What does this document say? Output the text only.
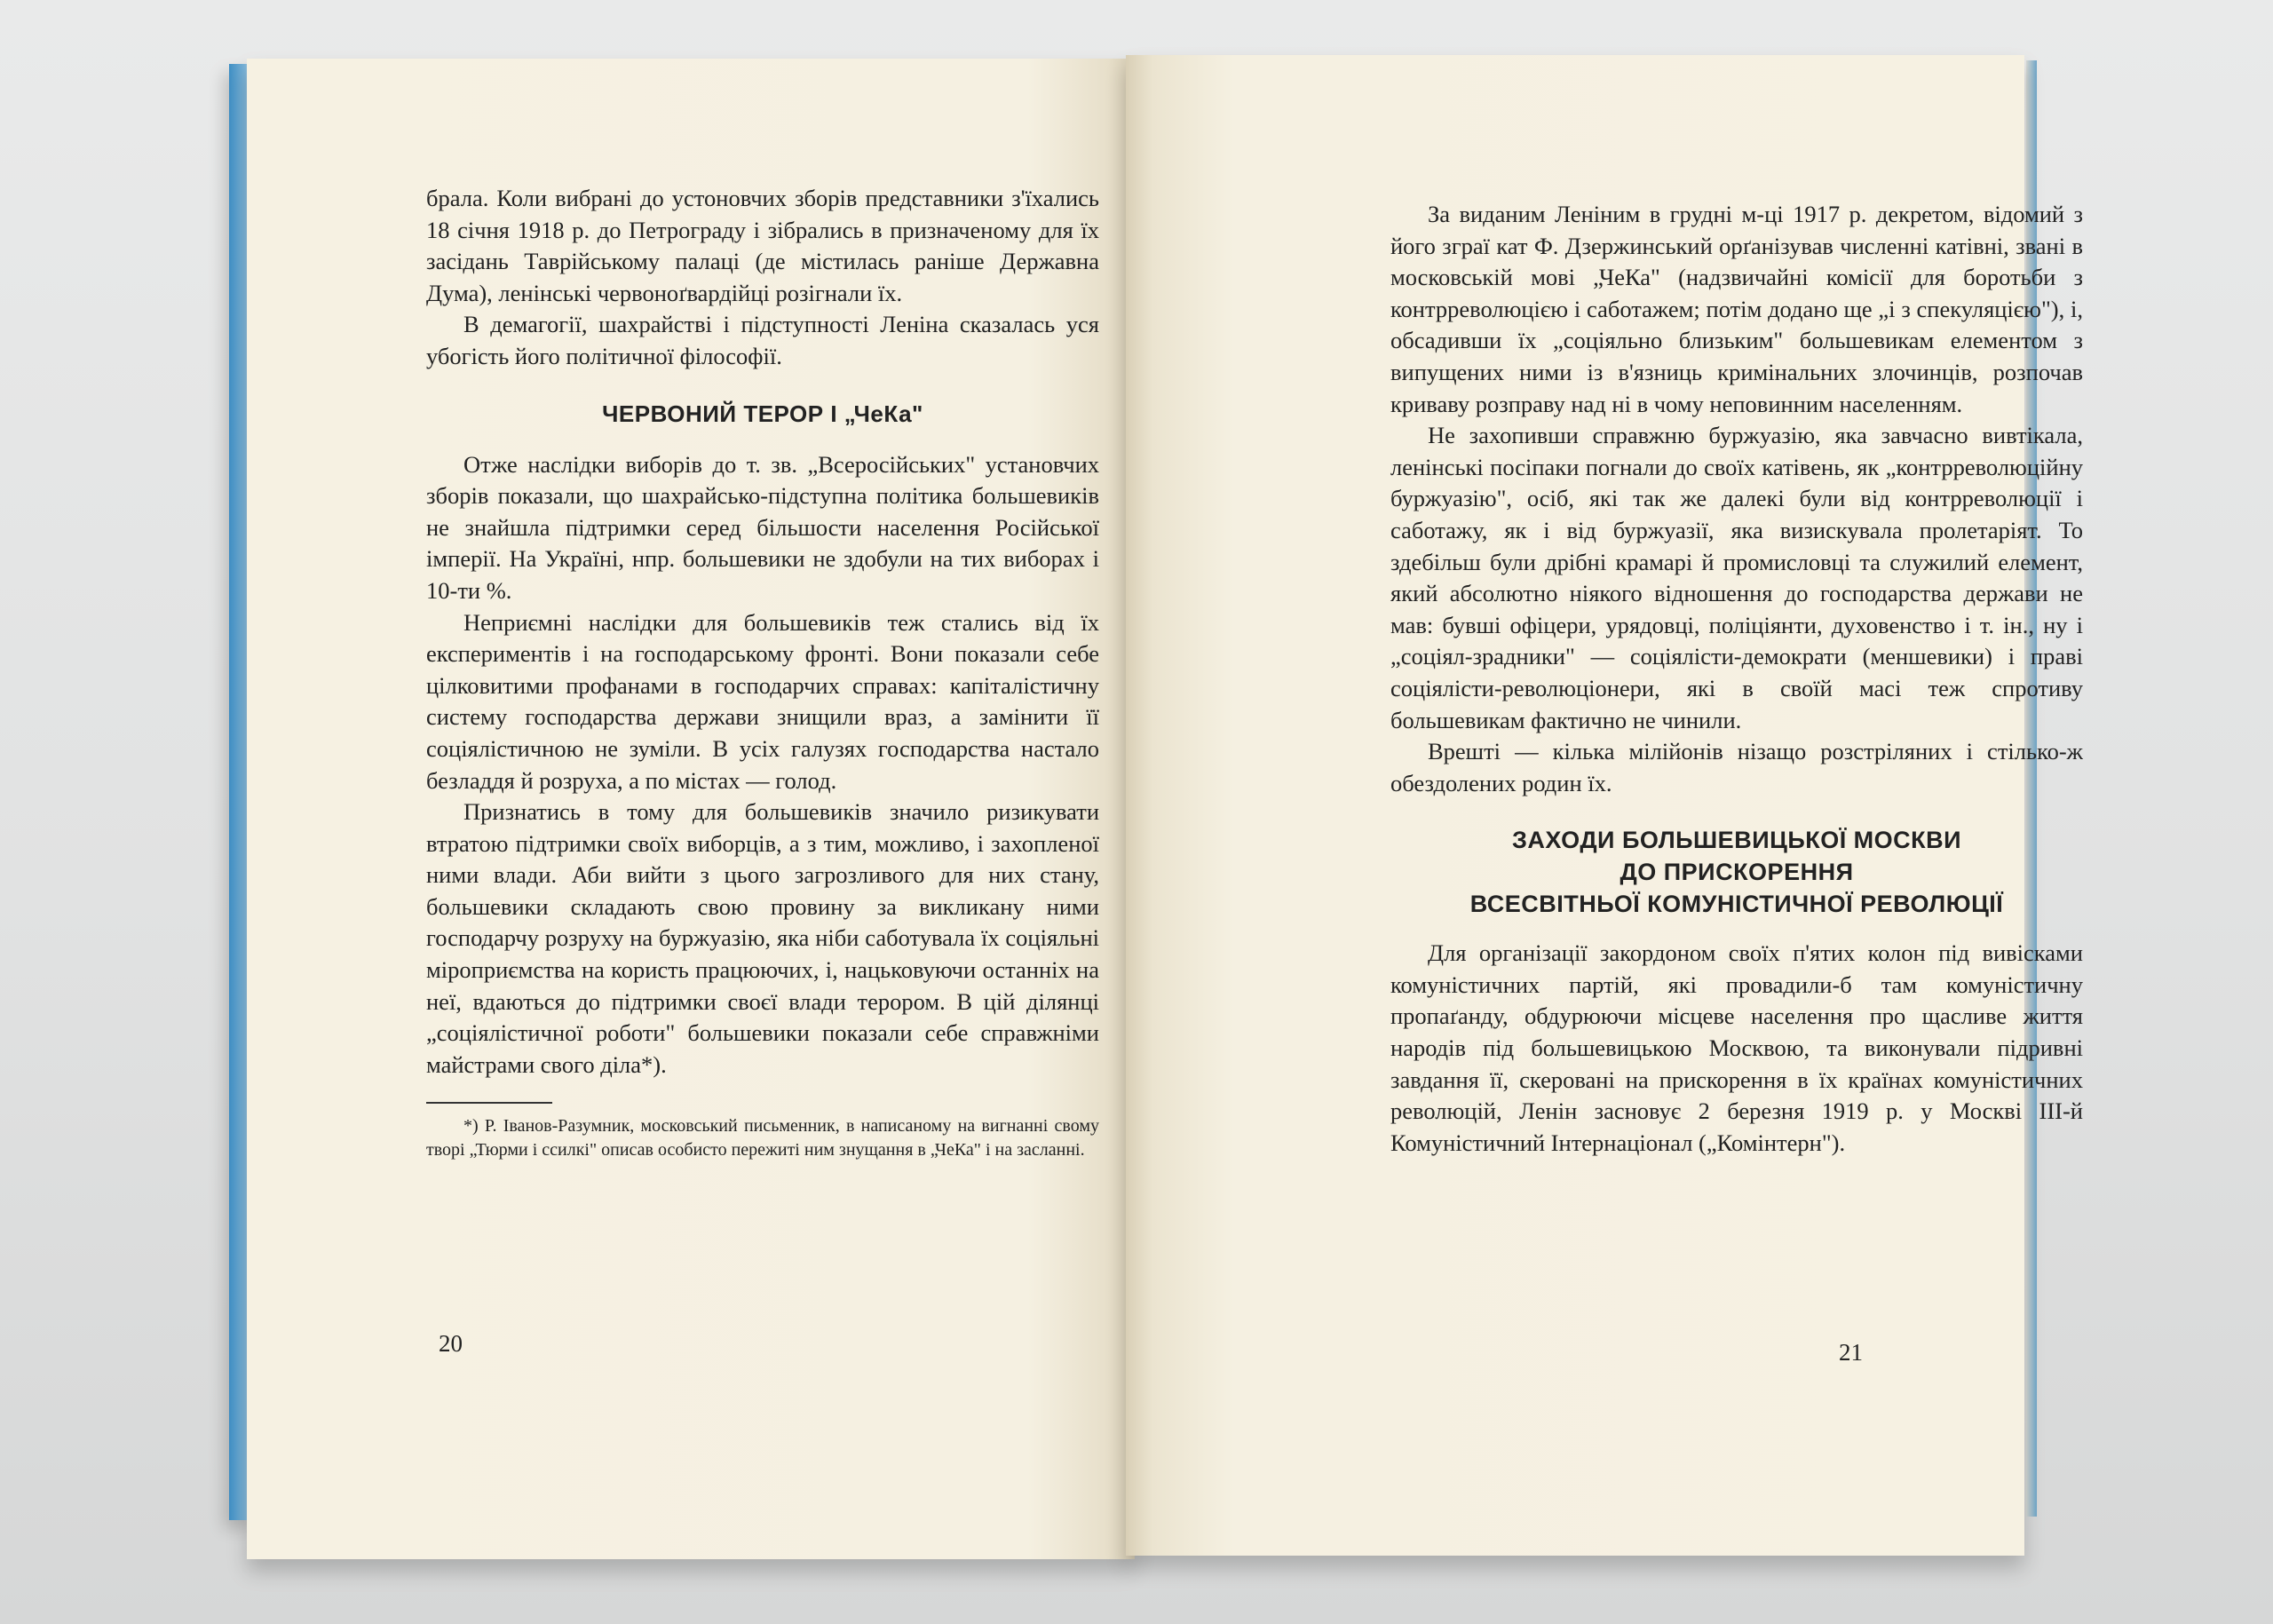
брала. Коли вибрані до устоновчих зборів представники з'їхались 18 січня 1918 р. до Петрограду і зібрались в призначеному для їх засідань Таврійському палаці (де містилась раніше Державна Дума), ленінські червоноґвардійці розігнали їх.

В демагогії, шахрайстві і підступності Леніна сказалась уся убогість його політичної філософії.

ЧЕРВОНИЙ ТЕРОР І „ЧеКа"

Отже наслідки виборів до т. зв. „Всеросійських" установчих зборів показали, що шахрайсько-підступна політика большевиків не знайшла підтримки серед більшости населення Російської імперії. На Україні, нпр. большевики не здобули на тих виборах і 10-ти %.

Неприємні наслідки для большевиків теж стались від їх експериментів і на господарському фронті. Вони показали себе цілковитими профанами в господарчих справах: капіталістичну систему господарства держави знищили враз, а замінити її соціялістичною не зуміли. В усіх галузях господарства настало безладдя й розруха, а по містах — голод.

Признатись в тому для большевиків значило ризикувати втратою підтримки своїх виборців, а з тим, можливо, і захопленої ними влади. Аби вийти з цього загрозливого для них стану, большевики складають свою провину за викликану ними господарчу розруху на буржуазію, яка ніби саботувала їх соціяльні міроприємства на користь працюючих, і, нацьковуючи останніх на неї, вдаються до підтримки своєї влади терором. В цій ділянці „соціялістичної роботи" большевики показали себе справжніми майстрами свого діла*).

*) Р. Іванов-Разумник, московський письменник, в написаному на вигнанні свому творі „Тюрми і ссилкі" описав особисто пережиті ним знущання в „ЧеКа" і на засланні.

20

За виданим Леніним в грудні м-ці 1917 р. декретом, відомий з його зграї кат Ф. Дзержинський орґанізував численні катівні, звані в московській мові „ЧеКа" (надзвичайні комісії для боротьби з контрреволюцією і саботажем; потім додано ще „і з спекуляцією"), і, обсадивши їх „соціяльно близьким" большевикам елементом з випущених ними із в'язниць кримінальних злочинців, розпочав криваву розправу над ні в чому неповинним населенням.

Не захопивши справжню буржуазію, яка завчасно вивтікала, ленінські посіпаки погнали до своїх катівень, як „контрреволюційну буржуазію", осіб, які так же далекі були від контрреволюції і саботажу, як і від буржуазії, яка визискувала пролетаріят. То здебільш були дрібні крамарі й промисловці та служилий елемент, який абсолютно ніякого відношення до господарства держави не мав: бувші офіцери, урядовці, поліціянти, духовенство і т. ін., ну і „соціял-зрадники" — соціялісти-демократи (меншевики) і праві соціялісти-революціонери, які в своїй масі теж спротиву большевикам фактично не чинили.

Врешті — кілька мілійонів нізащо розстріляних і стілько-ж обездолених родин їх.

ЗАХОДИ БОЛЬШЕВИЦЬКОЇ МОСКВИ
ДО ПРИСКОРЕННЯ
ВСЕСВІТНЬОЇ КОМУНІСТИЧНОЇ РЕВОЛЮЦІЇ

Для організації закордоном своїх п'ятих колон під вивісками комуністичних партій, які провадили-б там комуністичну пропаґанду, обдурюючи місцеве населення про щасливе життя народів під большевицькою Москвою, та виконували підривні завдання її, скеровані на прискорення в їх країнах комуністичних революцій, Ленін засновує 2 березня 1919 р. у Москві ІІІ-й Комуністичний Інтернаціонал („Комінтерн").

21
